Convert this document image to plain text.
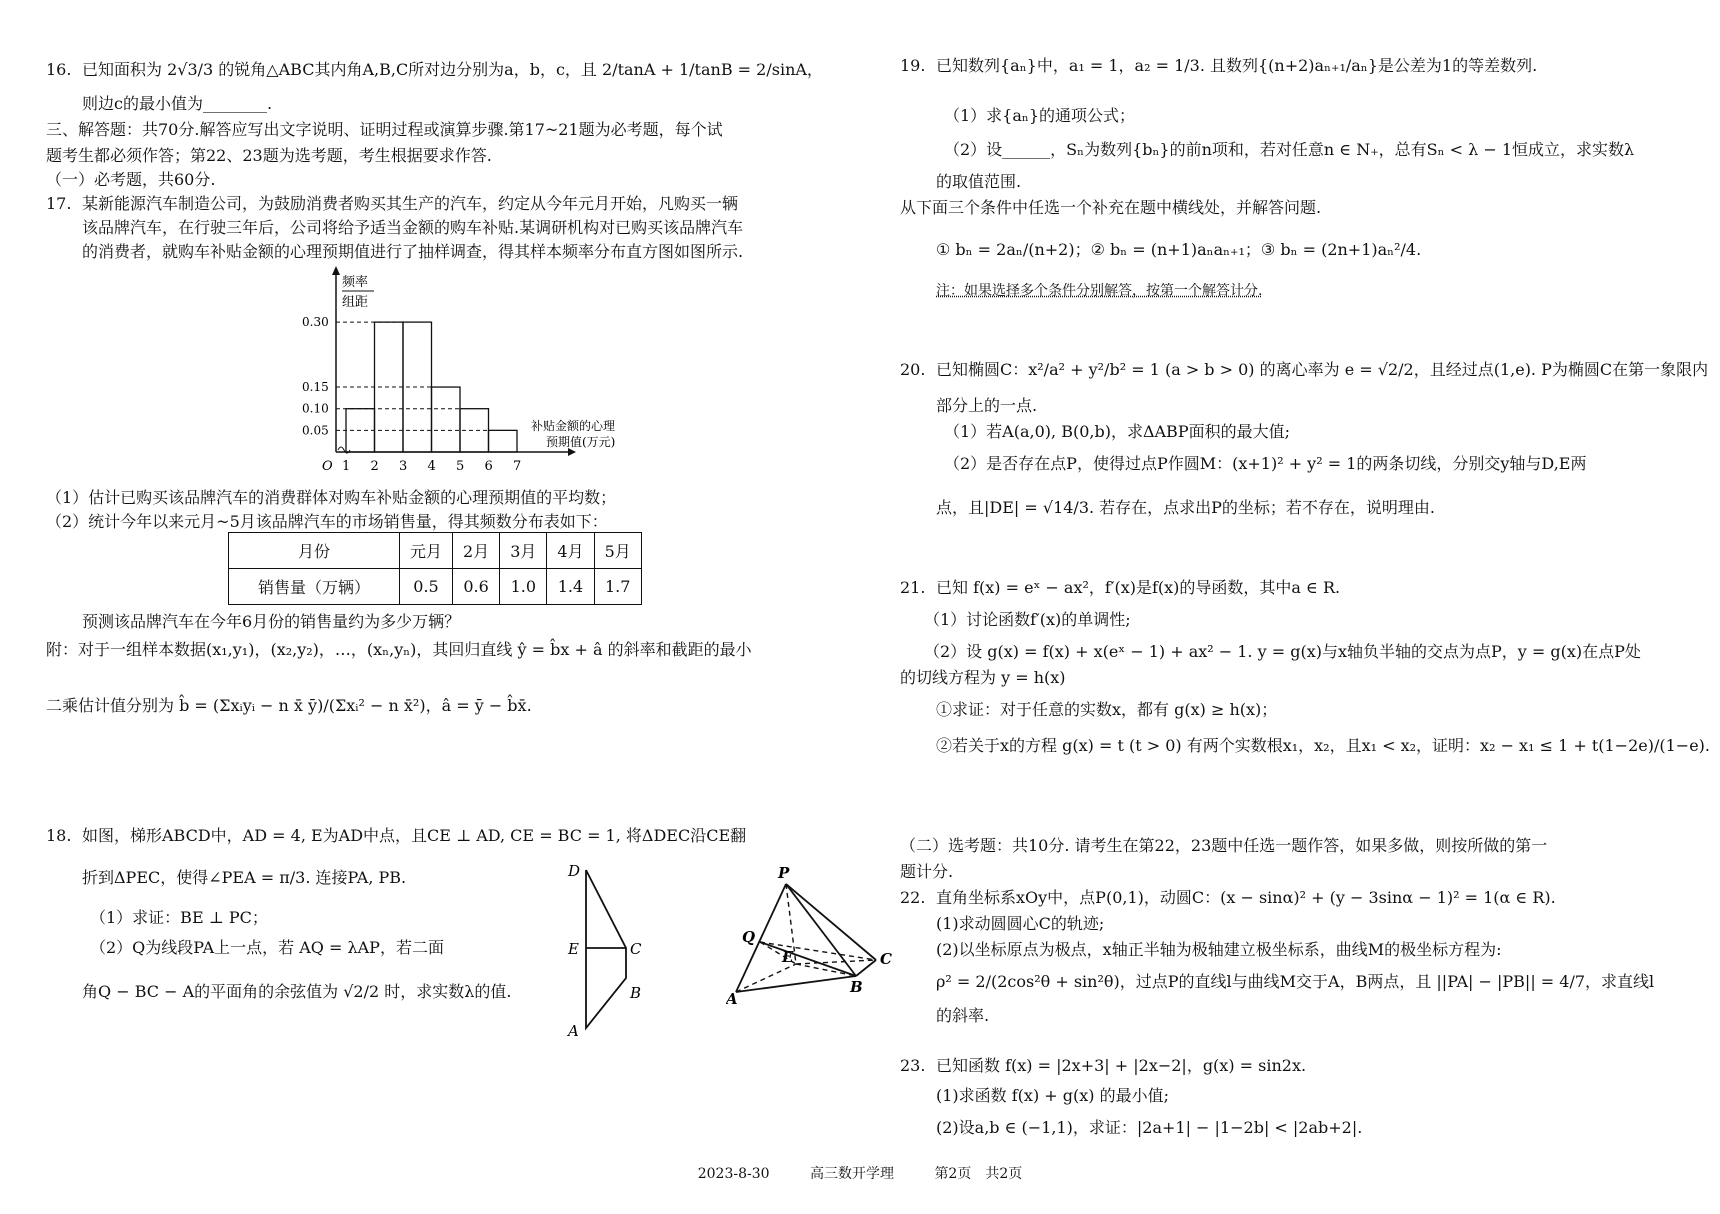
16. 已知面积为 2√3/3 的锐角△ABC其内角A,B,C所对边分别为a，b，c，且 2/tanA + 1/tanB = 2/sinA，
则边c的最小值为________.
三、解答题：共70分.解答应写出文字说明、证明过程或演算步骤.第17~21题为必考题，每个试
题考生都必须作答；第22、23题为选考题，考生根据要求作答.
（一）必考题，共60分.
17. 某新能源汽车制造公司，为鼓励消费者购买其生产的汽车，约定从今年元月开始，凡购买一辆
该品牌汽车，在行驶三年后，公司将给予适当金额的购车补贴.某调研机构对已购买该品牌汽车
的消费者，就购车补贴金额的心理预期值进行了抽样调查，得其样本频率分布直方图如图所示.
0.05
0.10
0.15
0.30
1 2 3 4 5 6 7
O
频率
组距
补贴金额的心理
预期值(万元)
（1）估计已购买该品牌汽车的消费群体对购车补贴金额的心理预期值的平均数；
（2）统计今年以来元月~5月该品牌汽车的市场销售量，得其频数分布表如下：
月份	元月	2月	3月	4月	5月
销售量（万辆）	0.5	0.6	1.0	1.4	1.7
预测该品牌汽车在今年6月份的销售量约为多少万辆？
附：对于一组样本数据(x₁,y₁)，(x₂,y₂)，…，(xₙ,yₙ)，其回归直线 ŷ = b̂x + â 的斜率和截距的最小
二乘估计值分别为 b̂ = (Σxᵢyᵢ − n x̄ ȳ)/(Σxᵢ² − n x̄²)，â = ȳ − b̂x̄.
18. 如图，梯形ABCD中，AD = 4, E为AD中点，且CE ⊥ AD, CE = BC = 1, 将ΔDEC沿CE翻
折到ΔPEC，使得∠PEA = π/3. 连接PA, PB.
（1）求证：BE ⊥ PC；
（2）Q为线段PA上一点，若 AQ = λAP，若二面
角Q − BC − A的平面角的余弦值为 √2/2 时，求实数λ的值.
D
E	C
B
A
P
Q
E	C
B
A
19. 已知数列{aₙ}中，a₁ = 1，a₂ = 1/3. 且数列{(n+2)aₙ₊₁/aₙ}是公差为1的等差数列.
（1）求{aₙ}的通项公式；
（2）设______，Sₙ为数列{bₙ}的前n项和，若对任意n ∈ N₊，总有Sₙ < λ − 1恒成立，求实数λ
的取值范围.
从下面三个条件中任选一个补充在题中横线处，并解答问题.
① bₙ = 2aₙ/(n+2)；② bₙ = (n+1)aₙaₙ₊₁；③ bₙ = (2n+1)aₙ²/4.
注：如果选择多个条件分别解答，按第一个解答计分.
20. 已知椭圆C：x²/a² + y²/b² = 1 (a > b > 0) 的离心率为 e = √2/2，且经过点(1,e). P为椭圆C在第一象限内
部分上的一点.
（1）若A(a,0), B(0,b)，求ΔABP面积的最大值;
（2）是否存在点P，使得过点P作圆M：(x+1)² + y² = 1的两条切线，分别交y轴与D,E两
点，且|DE| = √14/3. 若存在，点求出P的坐标；若不存在，说明理由.
21. 已知 f(x) = eˣ − ax²，f′(x)是f(x)的导函数，其中a ∈ R.
（1）讨论函数f′(x)的单调性;
（2）设 g(x) = f(x) + x(eˣ − 1) + ax² − 1. y = g(x)与x轴负半轴的交点为点P，y = g(x)在点P处
的切线方程为 y = h(x)
①求证：对于任意的实数x，都有 g(x) ≥ h(x)；
②若关于x的方程 g(x) = t (t > 0) 有两个实数根x₁，x₂，且x₁ < x₂，证明：x₂ − x₁ ≤ 1 + t(1−2e)/(1−e).
（二）选考题：共10分. 请考生在第22，23题中任选一题作答，如果多做，则按所做的第一
题计分.
22. 直角坐标系xOy中，点P(0,1)，动圆C：(x − sinα)² + (y − 3sinα − 1)² = 1(α ∈ R).
(1)求动圆圆心C的轨迹;
(2)以坐标原点为极点，x轴正半轴为极轴建立极坐标系，曲线M的极坐标方程为:
ρ² = 2/(2cos²θ + sin²θ)，过点P的直线l与曲线M交于A，B两点，且 ||PA| − |PB|| = 4/7，求直线l
的斜率.
23. 已知函数 f(x) = |2x+3| + |2x−2|，g(x) = sin2x.
(1)求函数 f(x) + g(x) 的最小值;
(2)设a,b ∈ (−1,1)，求证：|2a+1| − |1−2b| < |2ab+2|.
2023-8-30	高三数开学理	第2页　共2页
